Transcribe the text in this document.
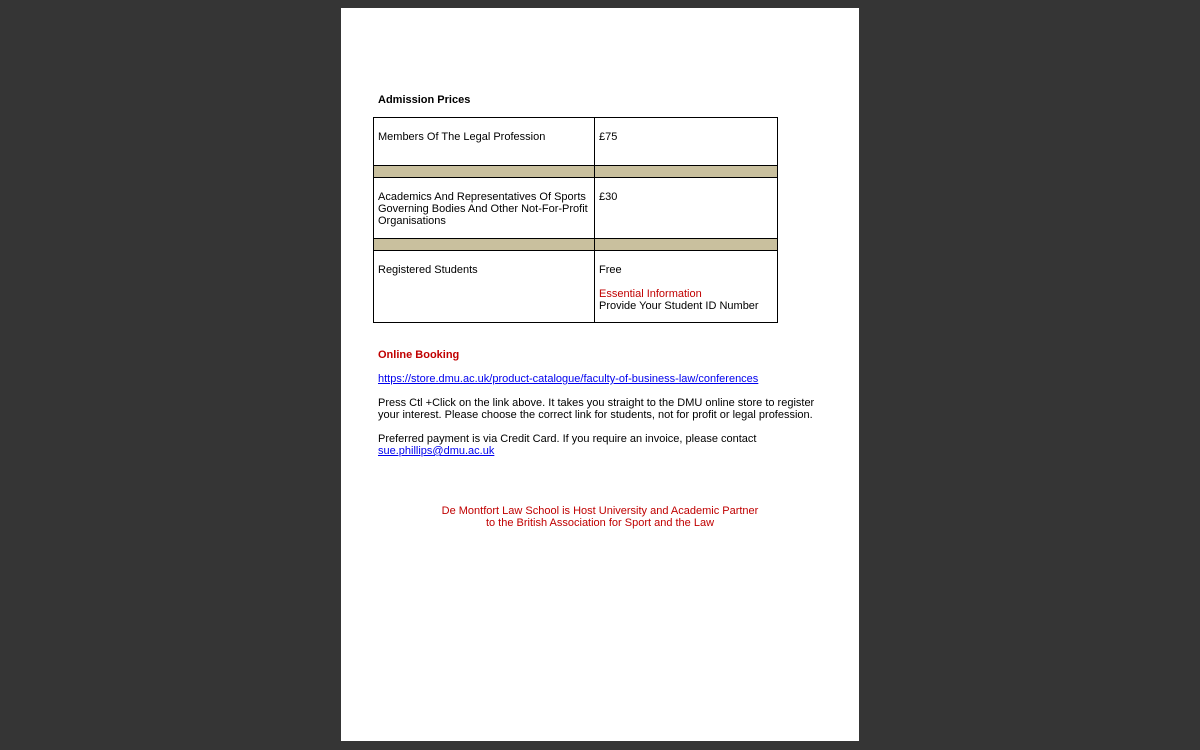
Admission Prices
Members Of The Legal Profession	£75

Academics And Representatives Of Sports Governing Bodies And Other Not-For-Profit Organisations	£30

Registered Students	Free
Essential Information
Provide Your Student ID Number
Online Booking
https://store.dmu.ac.uk/product-catalogue/faculty-of-business-law/conferences
Press Ctl +Click on the link above. It takes you straight to the DMU online store to register your interest. Please choose the correct link for students, not for profit or legal profession.
Preferred payment is via Credit Card. If you require an invoice, please contact
sue.phillips@dmu.ac.uk
De Montfort Law School is Host University and Academic Partner
to the British Association for Sport and the Law
